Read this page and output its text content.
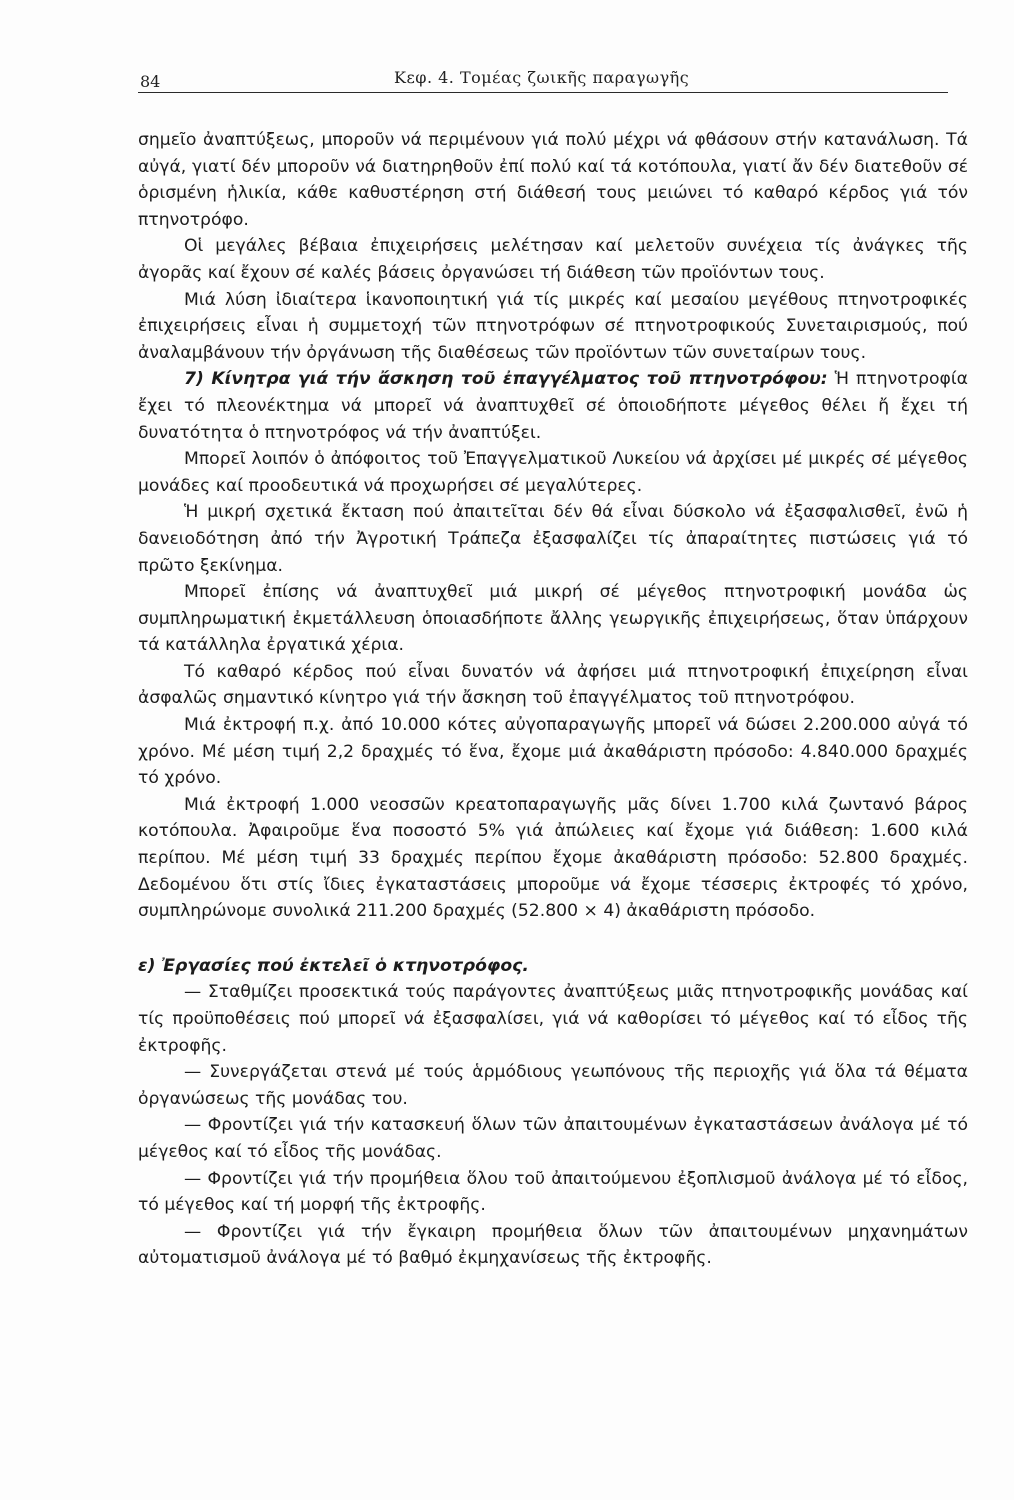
84	Κεφ. 4. Τομέας ζωικῆς παραγωγῆς

σημεῖο ἀναπτύξεως, μποροῦν νά περιμένουν γιά πολύ μέχρι νά φθάσουν στήν κατανάλωση. Τά αὐγά, γιατί δέν μποροῦν νά διατηρηθοῦν ἐπί πολύ καί τά κοτόπουλα, γιατί ἄν δέν διατεθοῦν σέ ὁρισμένη ἡλικία, κάθε καθυστέρηση στή διάθεσή τους μειώνει τό καθαρό κέρδος γιά τόν πτηνοτρόφο.

Οἱ μεγάλες βέβαια ἐπιχειρήσεις μελέτησαν καί μελετοῦν συνέχεια τίς ἀνάγκες τῆς ἀγορᾶς καί ἔχουν σέ καλές βάσεις ὀργανώσει τή διάθεση τῶν προϊόντων τους.

Μιά λύση ἰδιαίτερα ἱκανοποιητική γιά τίς μικρές καί μεσαίου μεγέθους πτηνοτροφικές ἐπιχειρήσεις εἶναι ἡ συμμετοχή τῶν πτηνοτρόφων σέ πτηνοτροφικούς Συνεταιρισμούς, πού ἀναλαμβάνουν τήν ὀργάνωση τῆς διαθέσεως τῶν προϊόντων τῶν συνεταίρων τους.

7) Κίνητρα γιά τήν ἄσκηση τοῦ ἐπαγγέλματος τοῦ πτηνοτρόφου: Ἡ πτηνοτροφία ἔχει τό πλεονέκτημα νά μπορεῖ νά ἀναπτυχθεῖ σέ ὁποιοδήποτε μέγεθος θέλει ἤ ἔχει τή δυνατότητα ὁ πτηνοτρόφος νά τήν ἀναπτύξει.

Μπορεῖ λοιπόν ὁ ἀπόφοιτος τοῦ Ἐπαγγελματικοῦ Λυκείου νά ἀρχίσει μέ μικρές σέ μέγεθος μονάδες καί προοδευτικά νά προχωρήσει σέ μεγαλύτερες.

Ἡ μικρή σχετικά ἔκταση πού ἀπαιτεῖται δέν θά εἶναι δύσκολο νά ἐξασφαλισθεῖ, ἐνῶ ἡ δανειοδότηση ἀπό τήν Ἀγροτική Τράπεζα ἐξασφαλίζει τίς ἀπαραίτητες πιστώσεις γιά τό πρῶτο ξεκίνημα.

Μπορεῖ ἐπίσης νά ἀναπτυχθεῖ μιά μικρή σέ μέγεθος πτηνοτροφική μονάδα ὡς συμπληρωματική ἐκμετάλλευση ὁποιασδήποτε ἄλλης γεωργικῆς ἐπιχειρήσεως, ὅταν ὑπάρχουν τά κατάλληλα ἐργατικά χέρια.

Τό καθαρό κέρδος πού εἶναι δυνατόν νά ἀφήσει μιά πτηνοτροφική ἐπιχείρηση εἶναι ἀσφαλῶς σημαντικό κίνητρο γιά τήν ἄσκηση τοῦ ἐπαγγέλματος τοῦ πτηνοτρόφου.

Μιά ἐκτροφή π.χ. ἀπό 10.000 κότες αὐγοπαραγωγῆς μπορεῖ νά δώσει 2.200.000 αὐγά τό χρόνο. Μέ μέση τιμή 2,2 δραχμές τό ἕνα, ἔχομε μιά ἀκαθάριστη πρόσοδο: 4.840.000 δραχμές τό χρόνο.

Μιά ἐκτροφή 1.000 νεοσσῶν κρεατοπαραγωγῆς μᾶς δίνει 1.700 κιλά ζωντανό βάρος κοτόπουλα. Ἀφαιροῦμε ἕνα ποσοστό 5% γιά ἀπώλειες καί ἔχομε γιά διάθεση: 1.600 κιλά περίπου. Μέ μέση τιμή 33 δραχμές περίπου ἔχομε ἀκαθάριστη πρόσοδο: 52.800 δραχμές. Δεδομένου ὅτι στίς ἴδιες ἐγκαταστάσεις μποροῦμε νά ἔχομε τέσσερις ἐκτροφές τό χρόνο, συμπληρώνομε συνολικά 211.200 δραχμές (52.800 × 4) ἀκαθάριστη πρόσοδο.

ε) Ἐργασίες πού ἐκτελεῖ ὁ κτηνοτρόφος.

— Σταθμίζει προσεκτικά τούς παράγοντες ἀναπτύξεως μιᾶς πτηνοτροφικῆς μονάδας καί τίς προϋποθέσεις πού μπορεῖ νά ἐξασφαλίσει, γιά νά καθορίσει τό μέγεθος καί τό εἶδος τῆς ἐκτροφῆς.

— Συνεργάζεται στενά μέ τούς ἁρμόδιους γεωπόνους τῆς περιοχῆς γιά ὅλα τά θέματα ὀργανώσεως τῆς μονάδας του.

— Φροντίζει γιά τήν κατασκευή ὅλων τῶν ἀπαιτουμένων ἐγκαταστάσεων ἀνάλογα μέ τό μέγεθος καί τό εἶδος τῆς μονάδας.

— Φροντίζει γιά τήν προμήθεια ὅλου τοῦ ἀπαιτούμενου ἐξοπλισμοῦ ἀνάλογα μέ τό εἶδος, τό μέγεθος καί τή μορφή τῆς ἐκτροφῆς.

— Φροντίζει γιά τήν ἔγκαιρη προμήθεια ὅλων τῶν ἀπαιτουμένων μηχανημάτων αὐτοματισμοῦ ἀνάλογα μέ τό βαθμό ἐκμηχανίσεως τῆς ἐκτροφῆς.
